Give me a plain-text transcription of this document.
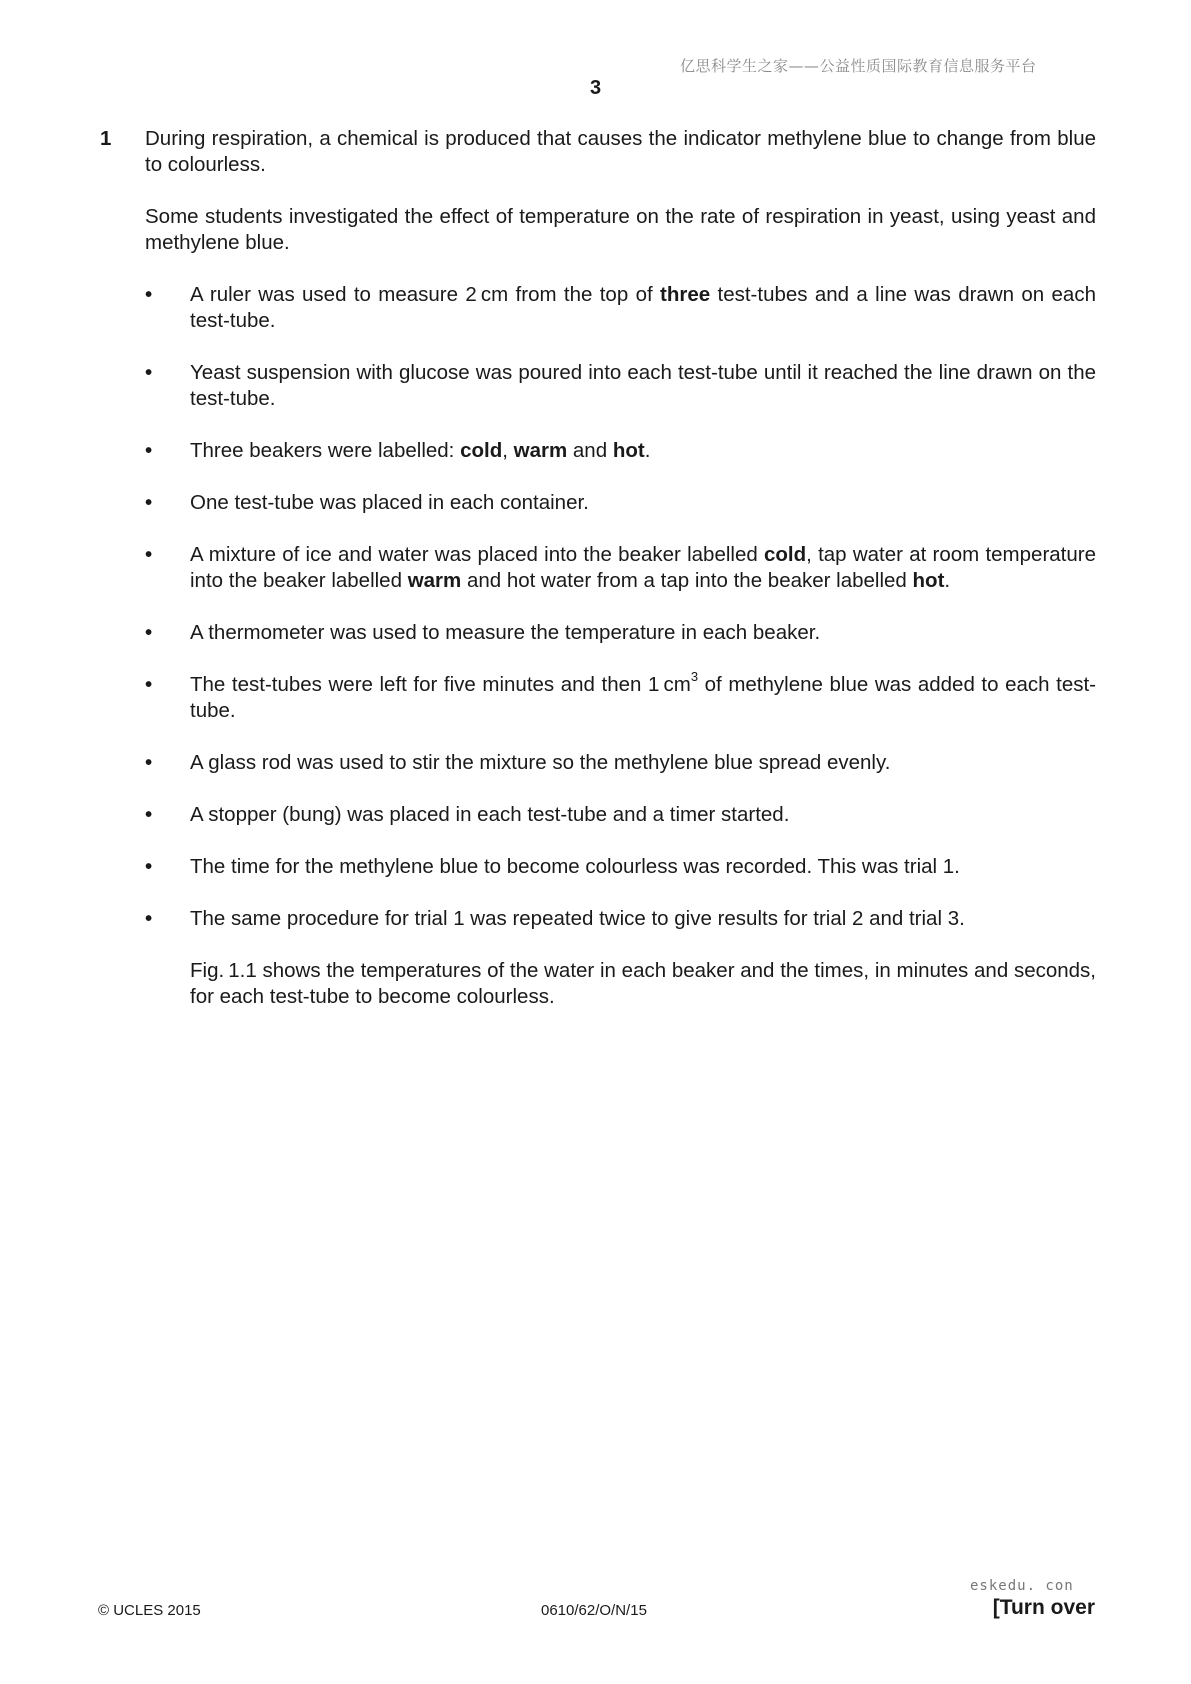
亿思科学生之家——公益性质国际教育信息服务平台
3
1 During respiration, a chemical is produced that causes the indicator methylene blue to change from blue to colourless.

Some students investigated the effect of temperature on the rate of respiration in yeast, using yeast and methylene blue.

•	A ruler was used to measure 2 cm from the top of three test-tubes and a line was drawn on each test-tube.
•	Yeast suspension with glucose was poured into each test-tube until it reached the line drawn on the test-tube.
•	Three beakers were labelled: cold, warm and hot.
•	One test-tube was placed in each container.
•	A mixture of ice and water was placed into the beaker labelled cold, tap water at room temperature into the beaker labelled warm and hot water from a tap into the beaker labelled hot.
•	A thermometer was used to measure the temperature in each beaker.
•	The test-tubes were left for five minutes and then 1 $cm^3$ of methylene blue was added to each test-tube.
•	A glass rod was used to stir the mixture so the methylene blue spread evenly.
•	A stopper (bung) was placed in each test-tube and a timer started.
•	The time for the methylene blue to become colourless was recorded. This was trial 1.
•	The same procedure for trial 1 was repeated twice to give results for trial 2 and trial 3.

Fig. 1.1 shows the temperatures of the water in each beaker and the times, in minutes and seconds, for each test-tube to become colourless.

eskedu. con
© UCLES 2015	0610/62/O/N/15	[Turn over
